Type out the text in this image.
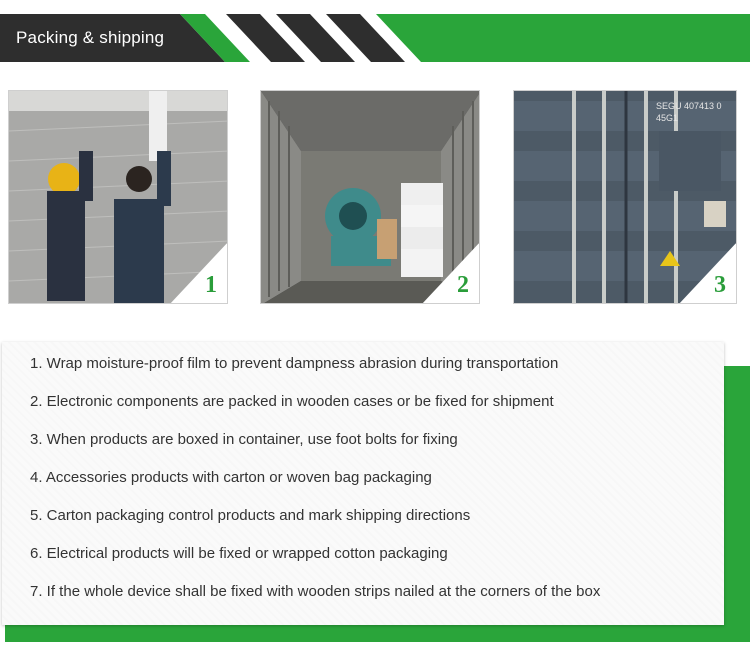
Packing & shipping
1	2
SEGU 407413 0
45G1
3
1. Wrap moisture-proof film to prevent dampness abrasion during transportation
2. Electronic components are packed in wooden cases or be fixed for shipment
3. When products are boxed in container, use foot bolts for fixing
4. Accessories products with carton or woven bag packaging
5. Carton packaging control products and mark shipping directions
6. Electrical products will be fixed or wrapped cotton packaging
7. If the whole device shall be fixed with wooden strips nailed at the corners of the box
